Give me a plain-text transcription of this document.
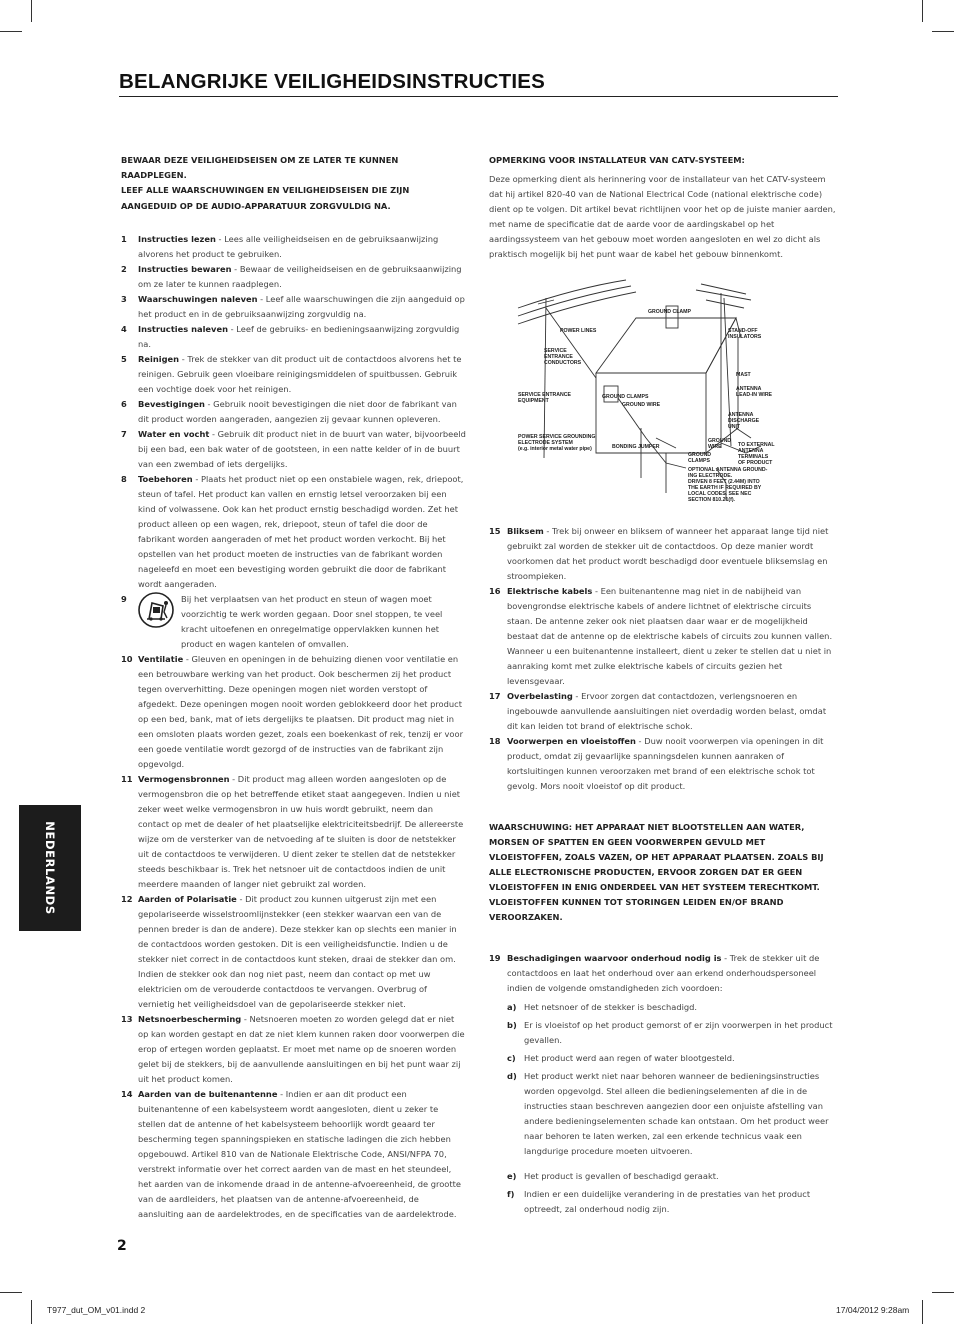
BELANGRIJKE VEILIGHEIDSINSTRUCTIES
NEDERLANDS

BEWAAR DEZE VEILIGHEIDSEISEN OM ZE LATER TE KUNNEN RAADPLEGEN.

LEEF ALLE WAARSCHUWINGEN EN VEILIGHEIDSEISEN DIE ZIJN AANGEDUID OP DE AUDIO-APPARATUUR ZORGVULDIG NA.

1 Instructies lezen - Lees alle veiligheidseisen en de gebruiksaanwijzing alvorens het product te gebruiken.

2 Instructies bewaren - Bewaar de veiligheidseisen en de gebruiksaanwijzing om ze later te kunnen raadplegen.

3 Waarschuwingen naleven - Leef alle waarschuwingen die zijn aangeduid op het product en in de gebruiksaanwijzing zorgvuldig na.

4 Instructies naleven - Leef de gebruiks- en bedieningsaanwijzing zorgvuldig na.

5 Reinigen - Trek de stekker van dit product uit de contactdoos alvorens het te reinigen. Gebruik geen vloeibare reinigingsmiddelen of spuitbussen. Gebruik een vochtige doek voor het reinigen.

6 Bevestigingen - Gebruik nooit bevestigingen die niet door de fabrikant van dit product worden aangeraden, aangezien zij gevaar kunnen opleveren.

7 Water en vocht - Gebruik dit product niet in de buurt van water, bijvoorbeeld bij een bad, een bak water of de gootsteen, in een natte kelder of in de buurt van een zwembad of iets dergelijks.

8 Toebehoren - Plaats het product niet op een onstabiele wagen, rek, driepoot, steun of tafel. Het product kan vallen en ernstig letsel veroorzaken bij een kind of volwassene. Ook kan het product ernstig beschadigd worden. Zet het product alleen op een wagen, rek, driepoot, steun of tafel die door de fabrikant worden aangeraden of met het product worden verkocht. Bij het opstellen van het product moeten de instructies van de fabrikant worden nageleefd en moet een bevestiging worden gebruikt die door de fabrikant wordt aangeraden.

9	Bij het verplaatsen van het product en steun of wagen moet voorzichtig te werk worden gegaan. Door snel stoppen, te veel kracht uitoefenen en onregelmatige oppervlakken kunnen het product en wagen kantelen of omvallen.

10 Ventilatie - Gleuven en openingen in de behuizing dienen voor ventilatie en een betrouwbare werking van het product. Ook beschermen zij het product tegen oververhitting. Deze openingen mogen niet worden verstopt of afgedekt. Deze openingen mogen nooit worden geblokkeerd door het product op een bed, bank, mat of iets dergelijks te plaatsen. Dit product mag niet in een omsloten plaats worden gezet, zoals een boekenkast of rek, tenzij er voor een goede ventilatie wordt gezorgd of de instructies van de fabrikant zijn opgevolgd.

11 Vermogensbronnen - Dit product mag alleen worden aangesloten op de vermogensbron die op het betreffende etiket staat aangegeven. Indien u niet zeker weet welke vermogensbron in uw huis wordt gebruikt, neem dan contact op met de dealer of het plaatselijke elektriciteitsbedrijf. De allereerste wijze om de versterker van de netvoeding af te sluiten is door de netstekker uit de contactdoos te verwijderen. U dient zeker te stellen dat de netstekker steeds beschikbaar is. Trek het netsnoer uit de contactdoos indien de unit meerdere maanden of langer niet gebruikt zal worden.

12 Aarden of Polarisatie - Dit product zou kunnen uitgerust zijn met een gepolariseerde wisselstroomlijnstekker (een stekker waarvan een van de pennen breder is dan de andere). Deze stekker kan op slechts een manier in de contactdoos worden gestoken. Dit is een veiligheidsfunctie. Indien u de stekker niet correct in de contactdoos kunt steken, draai de stekker dan om. Indien de stekker ook dan nog niet past, neem dan contact op met uw elektricien om de verouderde contactdoos te vervangen. Overbrug of vernietig het veiligheidsdoel van de gepolariseerde stekker niet.

13 Netsnoerbescherming - Netsnoeren moeten zo worden gelegd dat er niet op kan worden gestapt en dat ze niet klem kunnen raken door voorwerpen die erop of ertegen worden geplaatst. Er moet met name op de snoeren worden gelet bij de stekkers, bij de aanvullende aansluitingen en bij het punt waar zij uit het product komen.

14 Aarden van de buitenantenne - Indien er aan dit product een buitenantenne of een kabelsysteem wordt aangesloten, dient u zeker te stellen dat de antenne of het kabelsysteem behoorlijk wordt geaard ter bescherming tegen spanningspieken en statische ladingen die zich hebben opgebouwd. Artikel 810 van de Nationale Elektrische Code, ANSI/NFPA 70, verstrekt informatie over het correct aarden van de mast en het steundeel, het aarden van de inkomende draad in de antenne-afvoereenheid, de grootte van de aardleiders, het plaatsen van de antenne-afvoereenheid, de aansluiting aan de aardelektrodes, en de specificaties van de aardelektrode.

OPMERKING VOOR INSTALLATEUR VAN CATV-SYSTEEM:

Deze opmerking dient als herinnering voor de installateur van het CATV-systeem dat hij artikel 820-40 van de National Electrical Code (national elektrische code) dient op te volgen. Dit artikel bevat richtlijnen voor het op de juiste manier aarden, met name de specificatie dat de aarde voor de aardingskabel op het aardingssysteem van het gebouw moet worden aangesloten en wel zo dicht als praktisch mogelijk bij het punt waar de kabel het gebouw binnenkomt.

GROUND CLAMP
POWER LINES	STAND-OFF
INSULATORS
SERVICE
ENTRANCE
CONDUCTORS
MAST
ANTENNA
LEAD-IN WIRE
SERVICE ENTRANCE
EQUIPMENT
GROUND CLAMPS
GROUND WIRE
ANTENNA
DISCHARGE
UNIT
POWER SERVICE GROUNDING
ELECTRODE SYSTEM
(e.g. interior metal water pipe)	BONDING JUMPER
GROUND
WIRE	TO EXTERNAL
ANTENNA
TERMINALS
OF PRODUCT
GROUND
CLAMPS
OPTIONAL ANTENNA GROUND-
ING ELECTRODE.
DRIVEN 8 FEET (2.44M) INTO
THE EARTH IF REQUIRED BY
LOCAL CODES. SEE NEC
SECTION 810.21(f).

15 Bliksem - Trek bij onweer en bliksem of wanneer het apparaat lange tijd niet gebruikt zal worden de stekker uit de contactdoos. Op deze manier wordt voorkomen dat het product wordt beschadigd door eventuele bliksemslag en stroompieken.

16 Elektrische kabels - Een buitenantenne mag niet in de nabijheid van bovengrondse elektrische kabels of andere lichtnet of elektrische circuits staan. De antenne zeker ook niet plaatsen daar waar er de mogelijkheid bestaat dat de antenne op de elektrische kabels of circuits zou kunnen vallen. Wanneer u een buitenantenne installeert, dient u zeker te stellen dat u niet in aanraking komt met zulke elektrische kabels of circuits gezien het levensgevaar.

17 Overbelasting - Ervoor zorgen dat contactdozen, verlengsnoeren en ingebouwde aanvullende aansluitingen niet overdadig worden belast, omdat dit kan leiden tot brand of elektrische schok.

18 Voorwerpen en vloeistoffen - Duw nooit voorwerpen via openingen in dit product, omdat zij gevaarlijke spanningsdelen kunnen aanraken of kortsluitingen kunnen veroorzaken met brand of een elektrische schok tot gevolg. Mors nooit vloeistof op dit product.

WAARSCHUWING: HET APPARAAT NIET BLOOTSTELLEN AAN WATER, MORSEN OF SPATTEN EN GEEN VOORWERPEN GEVULD MET VLOEISTOFFEN, ZOALS VAZEN, OP HET APPARAAT PLAATSEN. ZOALS BIJ ALLE ELECTRONISCHE PRODUCTEN, ERVOOR ZORGEN DAT ER GEEN VLOEISTOFFEN IN ENIG ONDERDEEL VAN HET SYSTEEM TERECHTKOMT. VLOEISTOFFEN KUNNEN TOT STORINGEN LEIDEN EN/OF BRAND VEROORZAKEN.

19 Beschadigingen waarvoor onderhoud nodig is - Trek de stekker uit de contactdoos en laat het onderhoud over aan erkend onderhoudspersoneel indien de volgende omstandigheden zich voordoen:

a) Het netsnoer of de stekker is beschadigd.

b) Er is vloeistof op het product gemorst of er zijn voorwerpen in het product gevallen.

c) Het product werd aan regen of water blootgesteld.

d) Het product werkt niet naar behoren wanneer de bedieningsinstructies worden opgevolgd. Stel alleen die bedieningselementen af die in de instructies staan beschreven aangezien door een onjuiste afstelling van andere bedieningselementen schade kan ontstaan. Om het product weer naar behoren te laten werken, zal een erkende technicus vaak een langdurige procedure moeten uitvoeren.

e) Het product is gevallen of beschadigd geraakt.

f) Indien er een duidelijke verandering in de prestaties van het product optreedt, zal onderhoud nodig zijn.

2
T977_dut_OM_v01.indd 2	17/04/2012 9:28am
